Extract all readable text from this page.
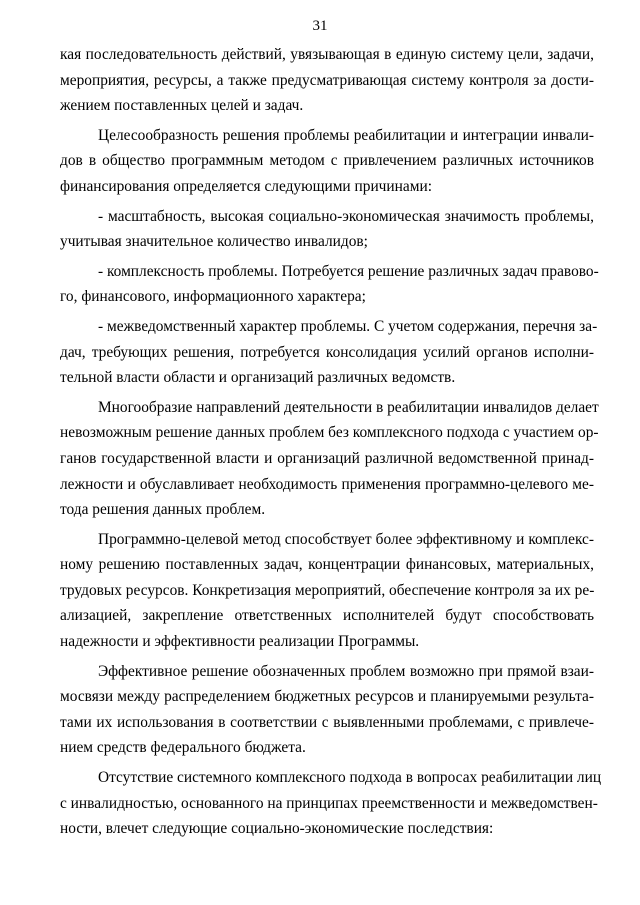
31
кая последовательность действий, увязывающая в единую систему цели, задачи,
мероприятия, ресурсы, а также предусматривающая систему контроля за дости-
жением поставленных целей и задач.
Целесообразность решения проблемы реабилитации и интеграции инвали-
дов в общество программным методом с привлечением различных источников
финансирования определяется следующими причинами:
- масштабность, высокая социально-экономическая значимость проблемы,
учитывая значительное количество инвалидов;
- комплексность проблемы. Потребуется решение различных задач правово-
го, финансового, информационного характера;
- межведомственный характер проблемы. С учетом содержания, перечня за-
дач, требующих решения, потребуется консолидация усилий органов исполни-
тельной власти области и организаций различных ведомств.
Многообразие направлений деятельности в реабилитации инвалидов делает
невозможным решение данных проблем без комплексного подхода с участием ор-
ганов государственной власти и организаций различной ведомственной принад-
лежности и обуславливает необходимость применения программно-целевого ме-
тода решения данных проблем.
Программно-целевой метод способствует более эффективному и комплекс-
ному решению поставленных задач, концентрации финансовых, материальных,
трудовых ресурсов. Конкретизация мероприятий, обеспечение контроля за их ре-
ализацией, закрепление ответственных исполнителей будут способствовать
надежности и эффективности реализации Программы.
Эффективное решение обозначенных проблем возможно при прямой взаи-
мосвязи между распределением бюджетных ресурсов и планируемыми результа-
тами их использования в соответствии с выявленными проблемами, с привлече-
нием средств федерального бюджета.
Отсутствие системного комплексного подхода в вопросах реабилитации лиц
с инвалидностью, основанного на принципах преемственности и межведомствен-
ности, влечет следующие социально-экономические последствия:
